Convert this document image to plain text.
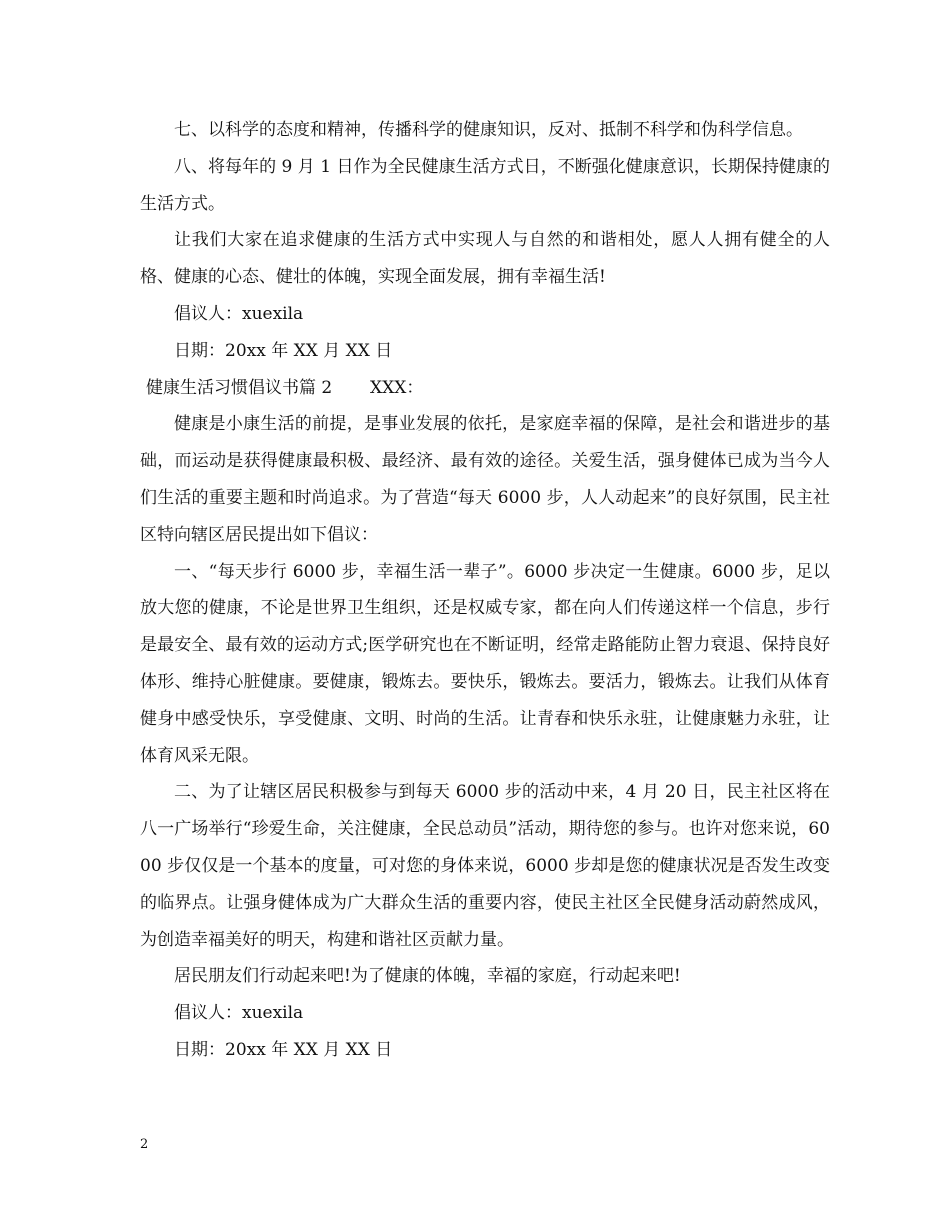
七、以科学的态度和精神，传播科学的健康知识，反对、抵制不科学和伪科学信息。

八、将每年的 9 月 1 日作为全民健康生活方式日，不断强化健康意识，长期保持健康的生活方式。

让我们大家在追求健康的生活方式中实现人与自然的和谐相处，愿人人拥有健全的人格、健康的心态、健壮的体魄，实现全面发展，拥有幸福生活!

倡议人：xuexila

日期：20xx 年 XX 月 XX 日

健康生活习惯倡议书篇 2       XXX：

健康是小康生活的前提，是事业发展的依托，是家庭幸福的保障，是社会和谐进步的基础，而运动是获得健康最积极、最经济、最有效的途径。关爱生活，强身健体已成为当今人们生活的重要主题和时尚追求。为了营造“每天 6000 步，人人动起来”的良好氛围，民主社区特向辖区居民提出如下倡议：

一、“每天步行 6000 步，幸福生活一辈子”。6000 步决定一生健康。6000 步，足以放大您的健康，不论是世界卫生组织，还是权威专家，都在向人们传递这样一个信息，步行是最安全、最有效的运动方式;医学研究也在不断证明，经常走路能防止智力衰退、保持良好体形、维持心脏健康。要健康，锻炼去。要快乐，锻炼去。要活力，锻炼去。让我们从体育健身中感受快乐，享受健康、文明、时尚的生活。让青春和快乐永驻，让健康魅力永驻，让体育风采无限。

二、为了让辖区居民积极参与到每天 6000 步的活动中来，4 月 20 日，民主社区将在八一广场举行“珍爱生命，关注健康，全民总动员”活动，期待您的参与。也许对您来说，6000 步仅仅是一个基本的度量，可对您的身体来说，6000 步却是您的健康状况是否发生改变的临界点。让强身健体成为广大群众生活的重要内容，使民主社区全民健身活动蔚然成风，为创造幸福美好的明天，构建和谐社区贡献力量。

居民朋友们行动起来吧!为了健康的体魄，幸福的家庭，行动起来吧!

倡议人：xuexila

日期：20xx 年 XX 月 XX 日

2
